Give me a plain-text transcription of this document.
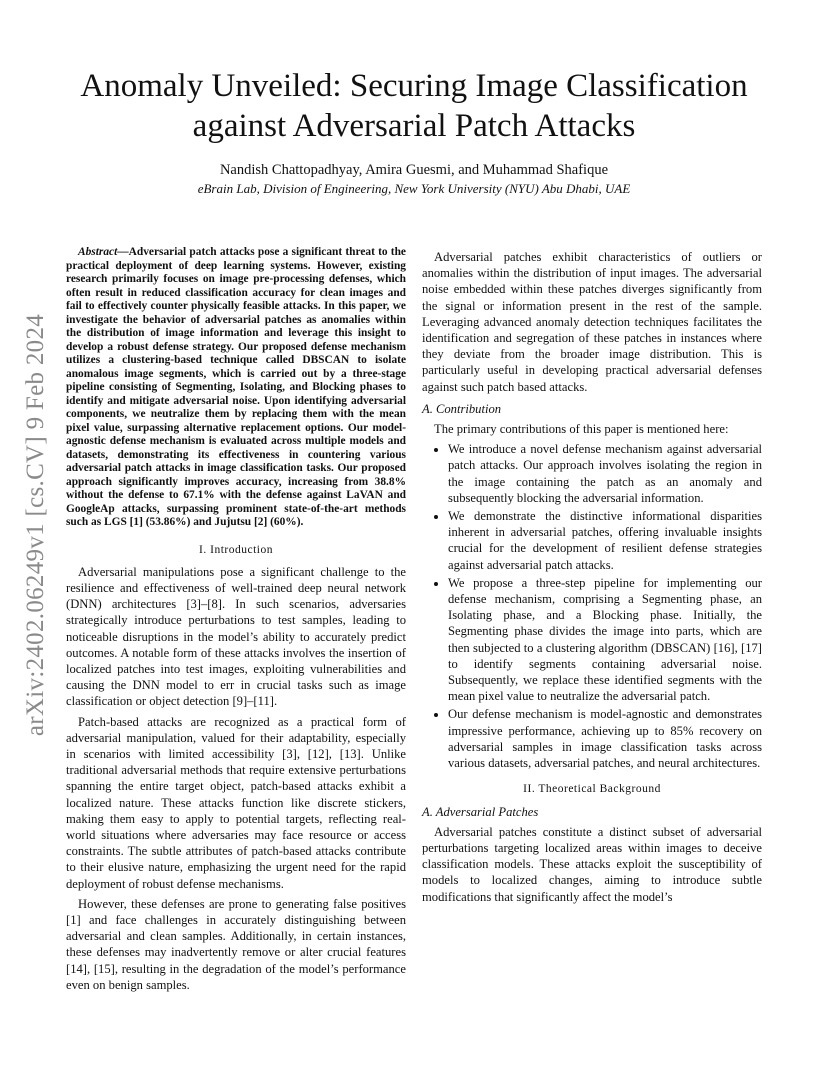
arXiv:2402.06249v1 [cs.CV] 9 Feb 2024
Anomaly Unveiled: Securing Image Classification against Adversarial Patch Attacks

Nandish Chattopadhyay, Amira Guesmi, and Muhammad Shafique

eBrain Lab, Division of Engineering, New York University (NYU) Abu Dhabi, UAE

Abstract—Adversarial patch attacks pose a significant threat to the practical deployment of deep learning systems. However, existing research primarily focuses on image pre-processing defenses, which often result in reduced classification accuracy for clean images and fail to effectively counter physically feasible attacks. In this paper, we investigate the behavior of adversarial patches as anomalies within the distribution of image information and leverage this insight to develop a robust defense strategy. Our proposed defense mechanism utilizes a clustering-based technique called DBSCAN to isolate anomalous image segments, which is carried out by a three-stage pipeline consisting of Segmenting, Isolating, and Blocking phases to identify and mitigate adversarial noise. Upon identifying adversarial components, we neutralize them by replacing them with the mean pixel value, surpassing alternative replacement options. Our model-agnostic defense mechanism is evaluated across multiple models and datasets, demonstrating its effectiveness in countering various adversarial patch attacks in image classification tasks. Our proposed approach significantly improves accuracy, increasing from 38.8% without the defense to 67.1% with the defense against LaVAN and GoogleAp attacks, surpassing prominent state-of-the-art methods such as LGS [1] (53.86%) and Jujutsu [2] (60%).

I. Introduction

Adversarial manipulations pose a significant challenge to the resilience and effectiveness of well-trained deep neural network (DNN) architectures [3]–[8]. In such scenarios, adversaries strategically introduce perturbations to test samples, leading to noticeable disruptions in the model’s ability to accurately predict outcomes. A notable form of these attacks involves the insertion of localized patches into test images, exploiting vulnerabilities and causing the DNN model to err in crucial tasks such as image classification or object detection [9]–[11].

Patch-based attacks are recognized as a practical form of adversarial manipulation, valued for their adaptability, especially in scenarios with limited accessibility [3], [12], [13]. Unlike traditional adversarial methods that require extensive perturbations spanning the entire target object, patch-based attacks exhibit a localized nature. These attacks function like discrete stickers, making them easy to apply to potential targets, reflecting real-world situations where adversaries may face resource or access constraints. The subtle attributes of patch-based attacks contribute to their elusive nature, emphasizing the urgent need for the rapid deployment of robust defense mechanisms.

However, these defenses are prone to generating false positives [1] and face challenges in accurately distinguishing between adversarial and clean samples. Additionally, in certain instances, these defenses may inadvertently remove or alter crucial features [14], [15], resulting in the degradation of the model’s performance even on benign samples.

Adversarial patches exhibit characteristics of outliers or anomalies within the distribution of input images. The adversarial noise embedded within these patches diverges significantly from the signal or information present in the rest of the sample. Leveraging advanced anomaly detection techniques facilitates the identification and segregation of these patches in instances where they deviate from the broader image distribution. This is particularly useful in developing practical adversarial defenses against such patch based attacks.

A. Contribution

The primary contributions of this paper is mentioned here:

• We introduce a novel defense mechanism against adversarial patch attacks. Our approach involves isolating the region in the image containing the patch as an anomaly and subsequently blocking the adversarial information.
• We demonstrate the distinctive informational disparities inherent in adversarial patches, offering invaluable insights crucial for the development of resilient defense strategies against adversarial patch attacks.
• We propose a three-step pipeline for implementing our defense mechanism, comprising a Segmenting phase, an Isolating phase, and a Blocking phase. Initially, the Segmenting phase divides the image into parts, which are then subjected to a clustering algorithm (DBSCAN) [16], [17] to identify segments containing adversarial noise. Subsequently, we replace these identified segments with the mean pixel value to neutralize the adversarial patch.
• Our defense mechanism is model-agnostic and demonstrates impressive performance, achieving up to 85% recovery on adversarial samples in image classification tasks across various datasets, adversarial patches, and neural architectures.
II. Theoretical Background
A. Adversarial Patches

Adversarial patches constitute a distinct subset of adversarial perturbations targeting localized areas within images to deceive classification models. These attacks exploit the susceptibility of models to localized changes, aiming to introduce subtle modifications that significantly affect the model’s
